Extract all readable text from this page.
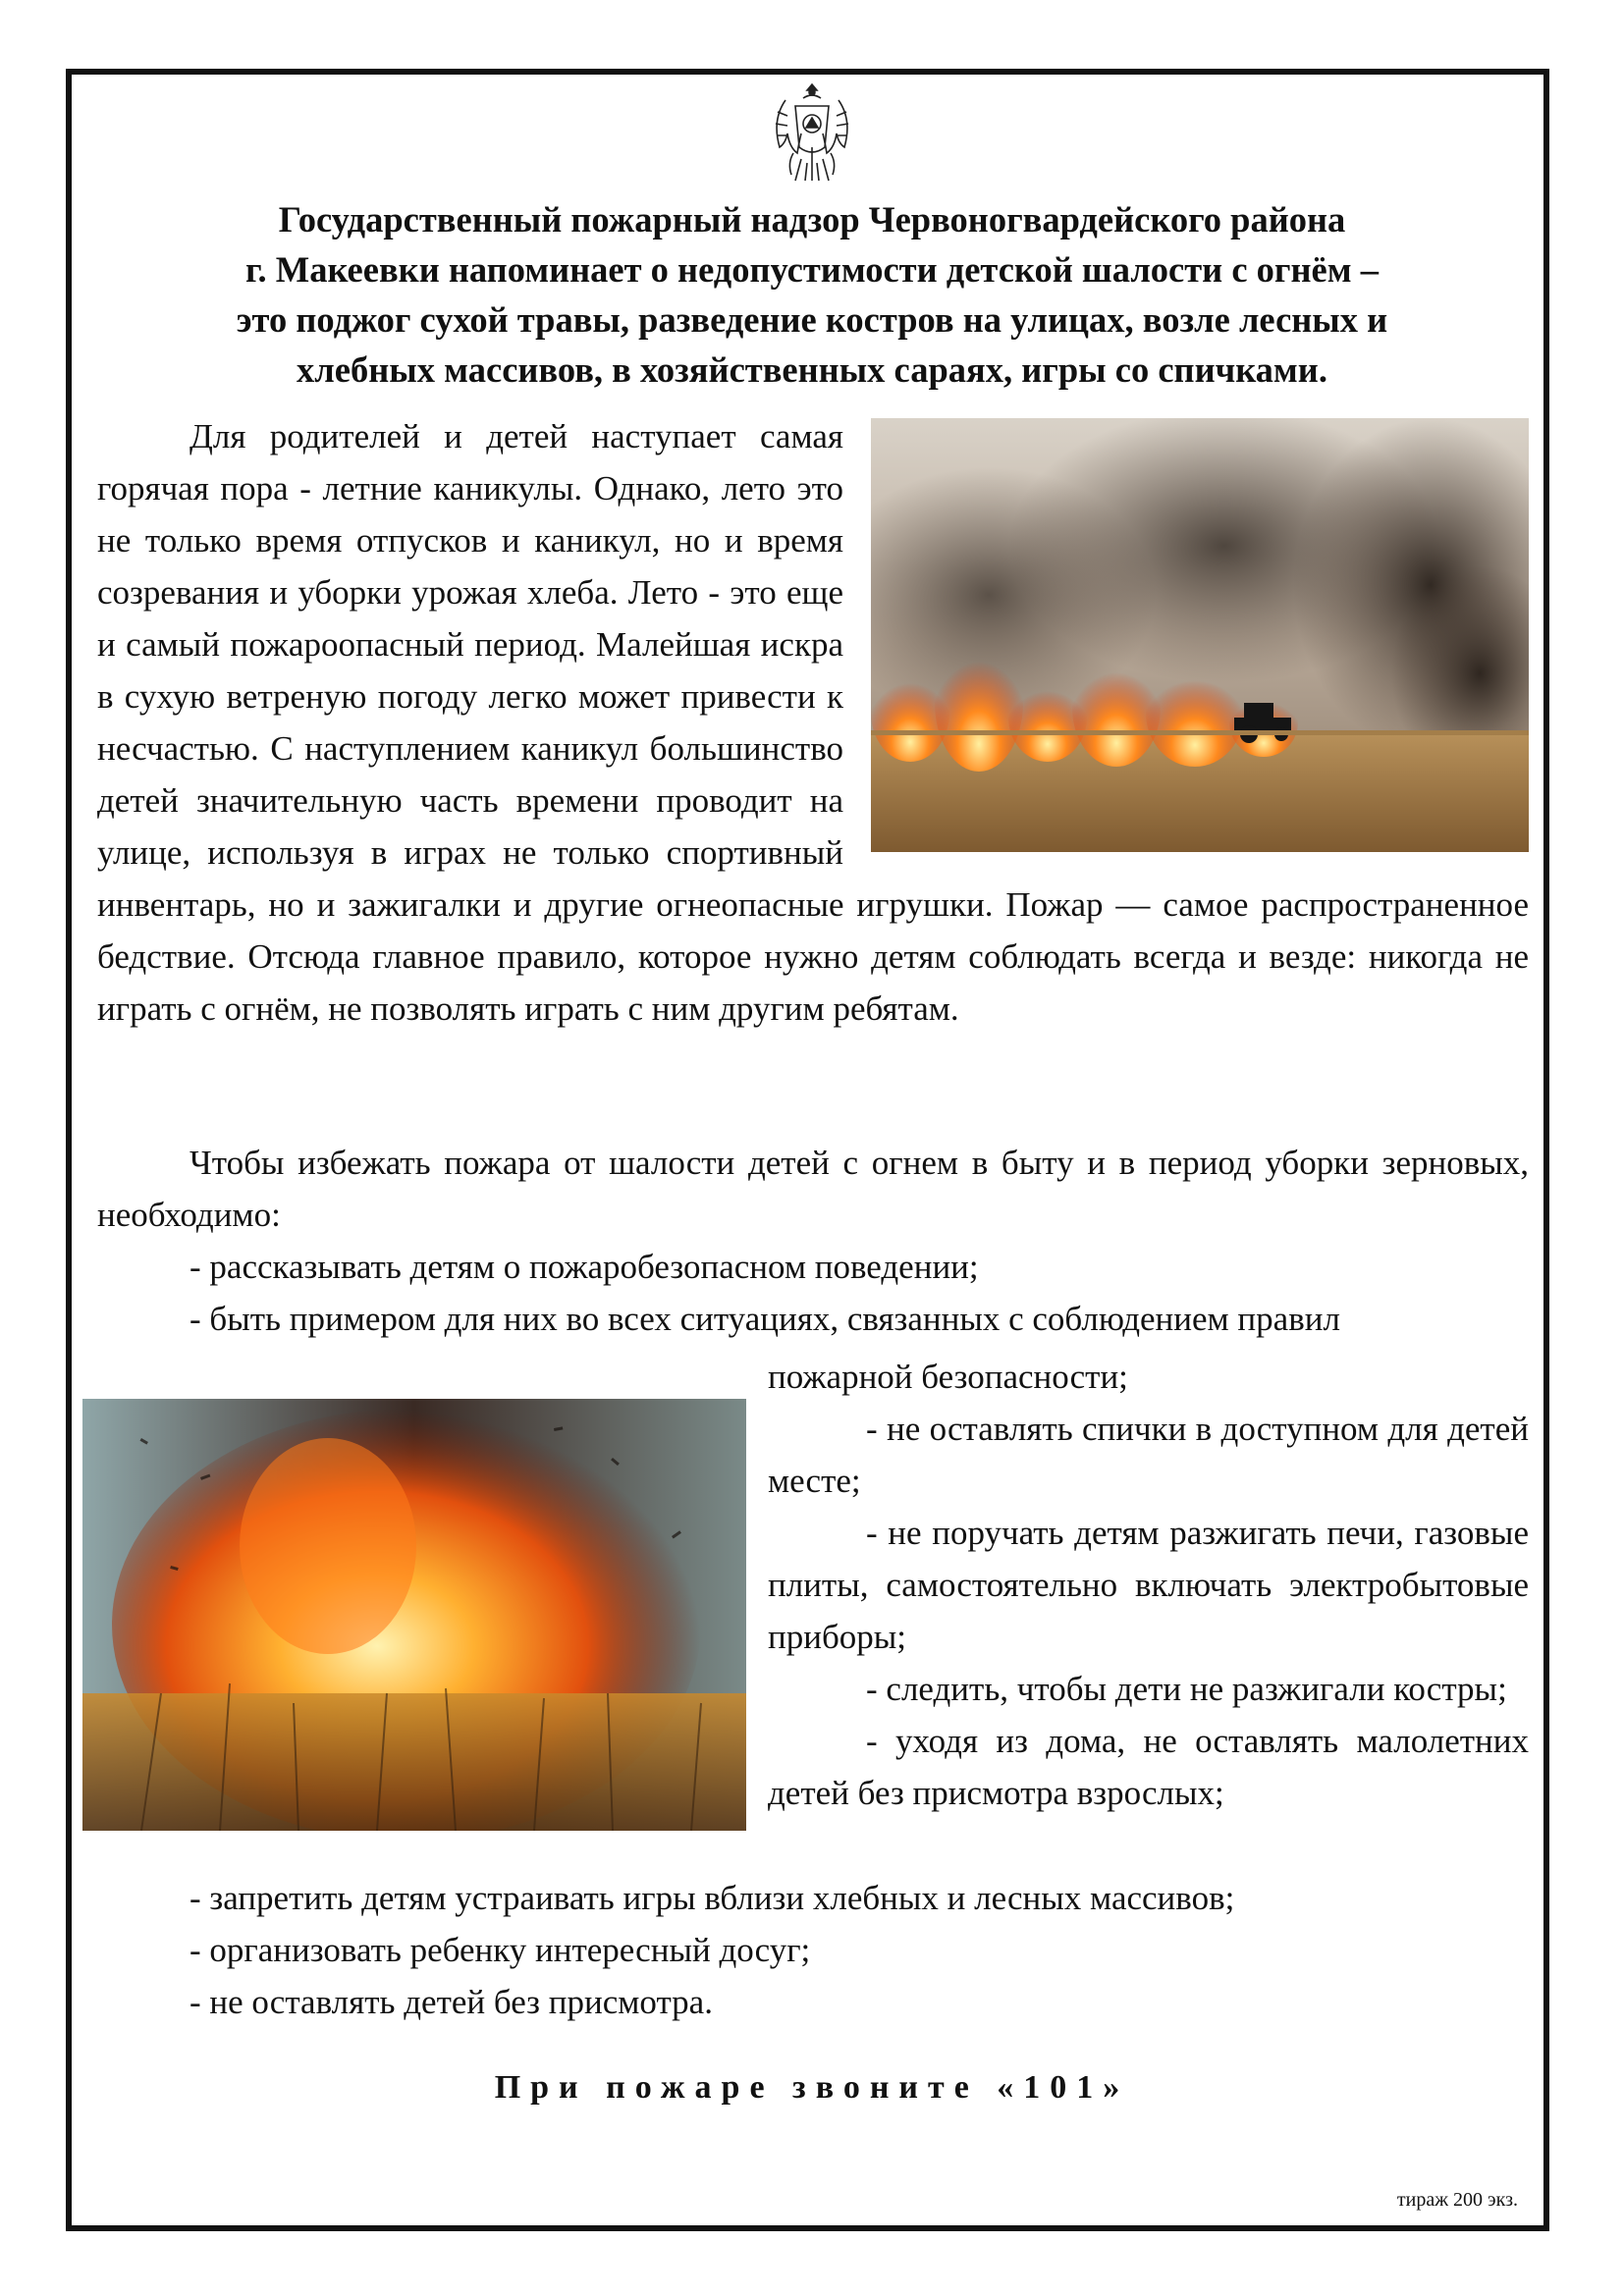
Государственный пожарный надзор Червоногвардейского района
г. Макеевки напоминает о недопустимости детской шалости с огнём –
это поджог сухой травы, разведение костров на улицах, возле лесных и
хлебных массивов, в хозяйственных сараях, игры со спичками.

Для родителей и детей наступает самая горячая пора - летние каникулы. Однако, лето это не только время отпусков и каникул, но и время созревания и уборки урожая хлеба. Лето - это еще и самый пожароопасный период. Малейшая искра в сухую ветреную погоду легко может привести к несчастью. С наступлением каникул большинство детей значительную часть времени проводит на улице, используя в играх не только спортивный инвентарь, но и зажигалки и другие огнеопасные игрушки. Пожар — самое распространенное бедствие. Отсюда главное правило, которое нужно детям соблюдать всегда и везде: никогда не играть с огнём, не позволять играть с ним другим ребятам.

Чтобы избежать пожара от шалости детей с огнем в быту и в период уборки зерновых, необходимо:

- рассказывать детям о пожаробезопасном поведении;

- быть примером для них во всех ситуациях, связанных с соблюдением правил

пожарной безопасности;

- не оставлять спички в доступном для детей месте;

- не поручать детям разжигать печи, газовые плиты, самостоятельно включать электробытовые приборы;

- следить, чтобы дети не разжигали костры;

- уходя из дома, не оставлять малолетних детей без присмотра взрослых;

- запретить детям устраивать игры вблизи хлебных и лесных массивов;
- организовать ребенку интересный досуг;
- не оставлять детей без присмотра.
При пожаре звоните «101»
тираж 200 экз.
